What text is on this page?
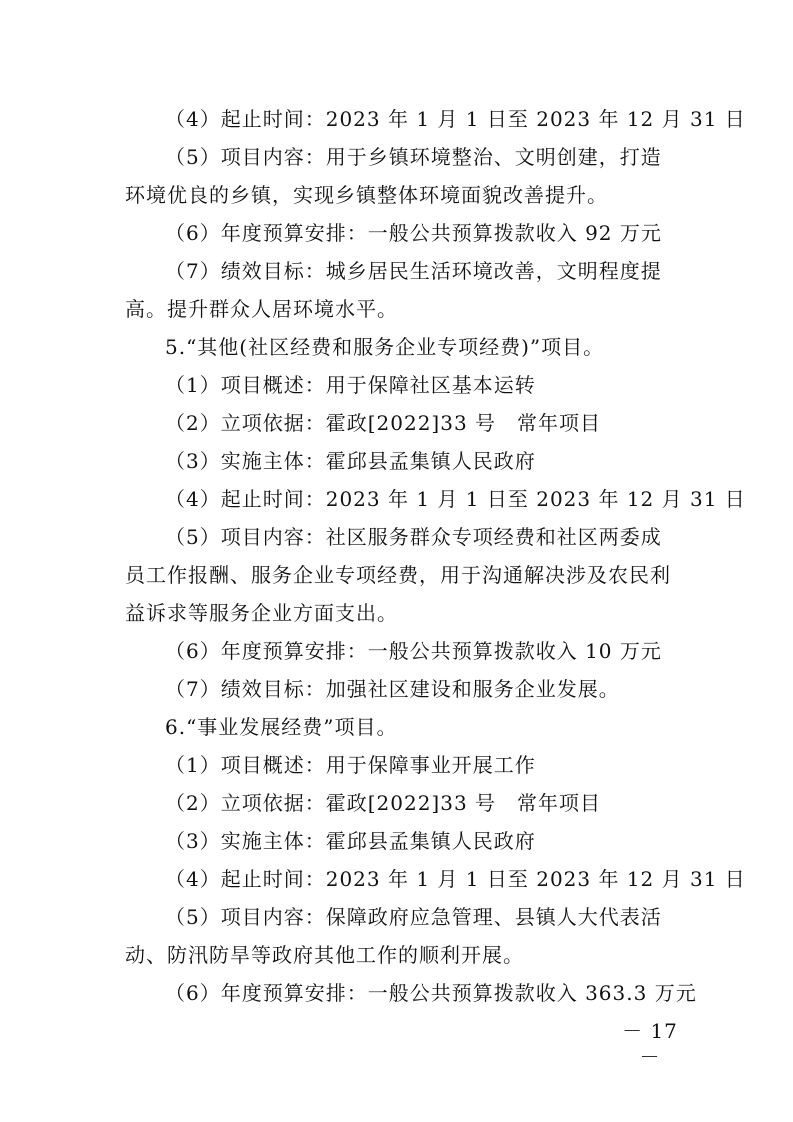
（4）起止时间：2023 年 1 月 1 日至 2023 年 12 月 31 日
（5）项目内容：用于乡镇环境整治、文明创建，打造
环境优良的乡镇，实现乡镇整体环境面貌改善提升。
（6）年度预算安排：一般公共预算拨款收入 92 万元
（7）绩效目标：城乡居民生活环境改善，文明程度提
高。提升群众人居环境水平。
5.“其他(社区经费和服务企业专项经费)”项目。
（1）项目概述：用于保障社区基本运转
（2）立项依据：霍政[2022]33 号　常年项目
（3）实施主体：霍邱县孟集镇人民政府
（4）起止时间：2023 年 1 月 1 日至 2023 年 12 月 31 日
（5）项目内容：社区服务群众专项经费和社区两委成
员工作报酬、服务企业专项经费，用于沟通解决涉及农民利
益诉求等服务企业方面支出。
（6）年度预算安排：一般公共预算拨款收入 10 万元
（7）绩效目标：加强社区建设和服务企业发展。
6.“事业发展经费”项目。
（1）项目概述：用于保障事业开展工作
（2）立项依据：霍政[2022]33 号　常年项目
（3）实施主体：霍邱县孟集镇人民政府
（4）起止时间：2023 年 1 月 1 日至 2023 年 12 月 31 日
（5）项目内容：保障政府应急管理、县镇人大代表活
动、防汛防旱等政府其他工作的顺利开展。
（6）年度预算安排：一般公共预算拨款收入 363.3 万元
－ 17 －
